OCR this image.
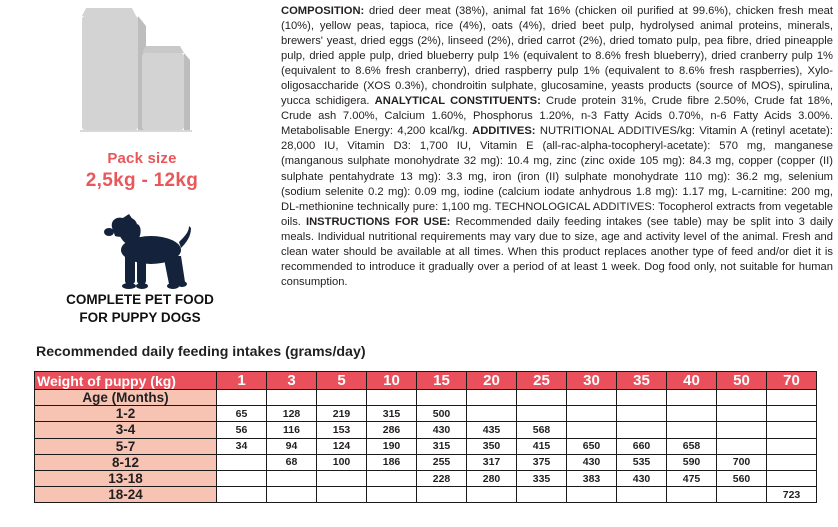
Pack size
2,5kg - 12kg
COMPLETE PET FOOD
FOR PUPPY DOGS

COMPOSITION: dried deer meat (38%), animal fat 16% (chicken oil purified at 99.6%), chicken fresh meat (10%), yellow peas, tapioca, rice (4%), oats (4%), dried beet pulp, hydrolysed animal proteins, minerals, brewers' yeast, dried eggs (2%), linseed (2%), dried carrot (2%), dried tomato pulp, pea fibre, dried pineapple pulp, dried apple pulp, dried blueberry pulp 1% (equivalent to 8.6% fresh blueberry), dried cranberry pulp 1% (equivalent to 8.6% fresh cranberry), dried raspberry pulp 1% (equivalent to 8.6% fresh raspberries), Xylo-oligosaccharide (XOS 0.3%), chondroitin sulphate, glucosamine, yeasts products (source of MOS), spirulina, yucca schidigera. ANALYTICAL CONSTITUENTS: Crude protein 31%, Crude fibre 2.50%, Crude fat 18%, Crude ash 7.00%, Calcium 1.60%, Phosphorus 1.20%, n-3 Fatty Acids 0.70%, n-6 Fatty Acids 3.00%. Metabolisable Energy: 4,200 kcal/kg. ADDITIVES: NUTRITIONAL ADDITIVES/kg: Vitamin A (retinyl acetate): 28,000 IU, Vitamin D3: 1,700 IU, Vitamin E (all-rac-alpha-tocopheryl-acetate): 570 mg, manganese (manganous sulphate monohydrate 32 mg): 10.4 mg, zinc (zinc oxide 105 mg): 84.3 mg, copper (copper (II) sulphate pentahydrate 13 mg): 3.3 mg, iron (iron (II) sulphate monohydrate 110 mg): 36.2 mg, selenium (sodium selenite 0.2 mg): 0.09 mg, iodine (calcium iodate anhydrous 1.8 mg): 1.17 mg, L-carnitine: 200 mg, DL-methionine technically pure: 1,100 mg. TECHNOLOGICAL ADDITIVES: Tocopherol extracts from vegetable oils. INSTRUCTIONS FOR USE: Recommended daily feeding intakes (see table) may be split into 3 daily meals. Individual nutritional requirements may vary due to size, age and activity level of the animal. Fresh and clean water should be available at all times. When this product replaces another type of feed and/or diet it is recommended to introduce it gradually over a period of at least 1 week. Dog food only, not suitable for human consumption.

Recommended daily feeding intakes (grams/day)

Weight of puppy (kg)	1	3	5	10	15	20	25	30	35	40	50	70
Age (Months)												
1-2	65	128	219	315	500							
3-4	56	116	153	286	430	435	568					
5-7	34	94	124	190	315	350	415	650	660	658		
8-12		68	100	186	255	317	375	430	535	590	700	
13-18					228	280	335	383	430	475	560	
18-24												723
